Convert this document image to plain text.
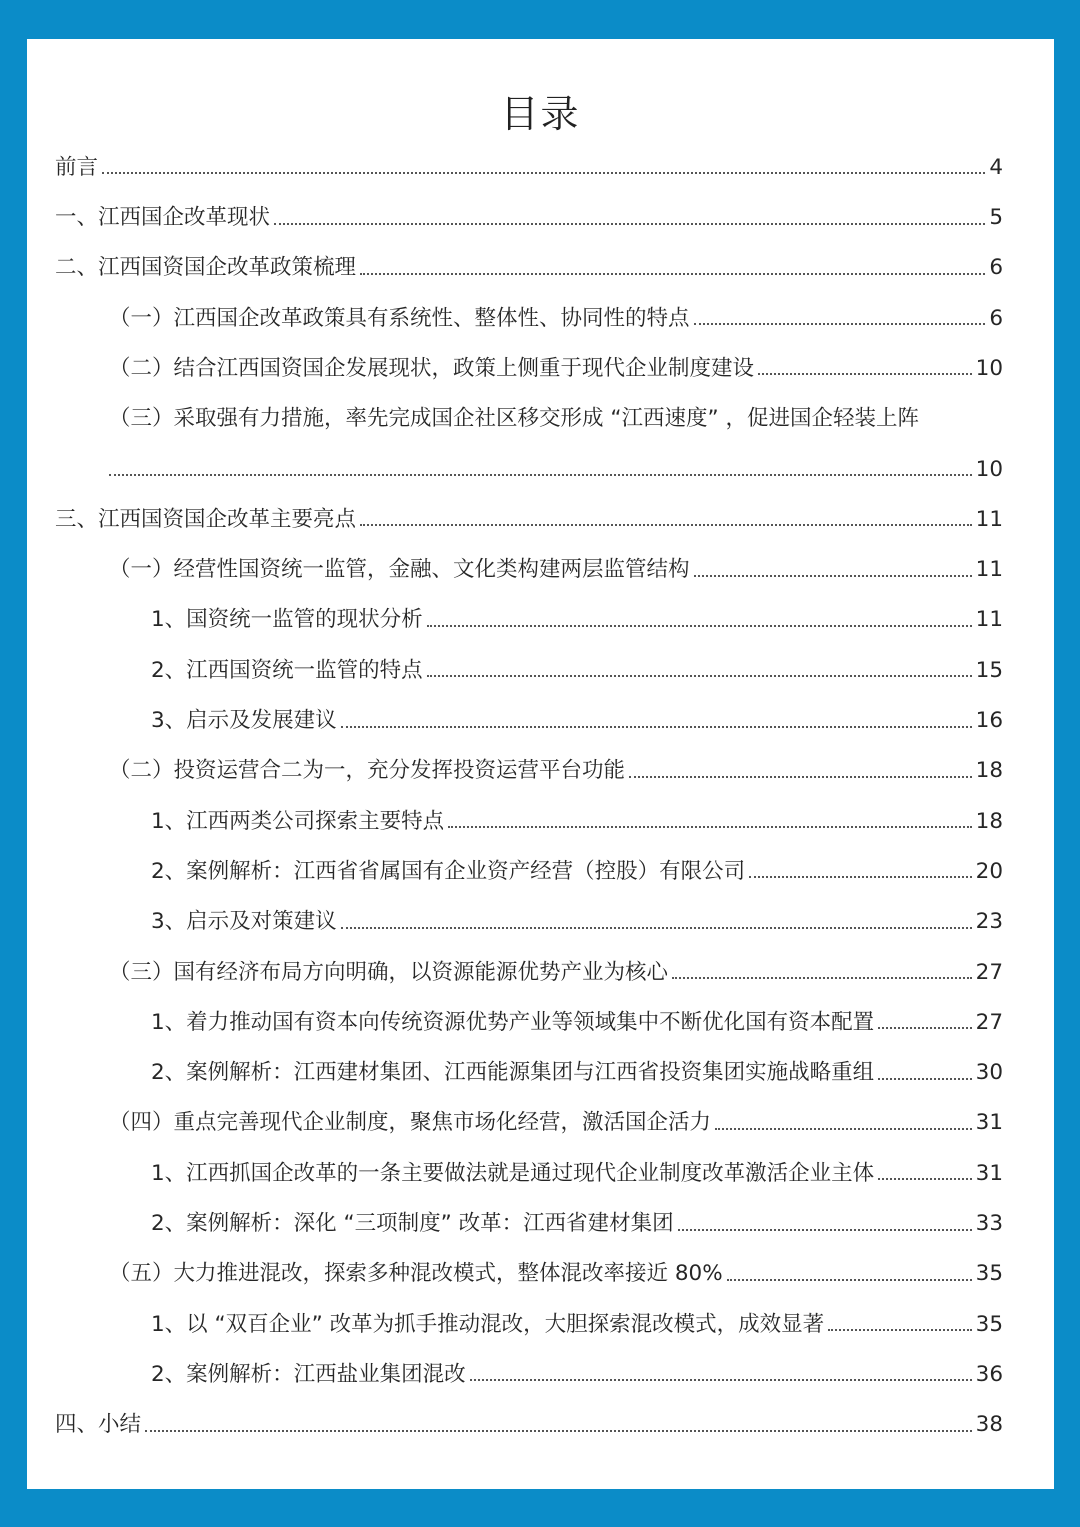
目录
前言	4
一、江西国企改革现状	5
二、江西国资国企改革政策梳理	6
（一）江西国企改革政策具有系统性、整体性、协同性的特点	6
（二）结合江西国资国企发展现状，政策上侧重于现代企业制度建设	10
（三）采取强有力措施，率先完成国企社区移交形成 “江西速度” ，促进国企轻装上阵
10
三、江西国资国企改革主要亮点	11
（一）经营性国资统一监管，金融、文化类构建两层监管结构	11
1、国资统一监管的现状分析	11
2、江西国资统一监管的特点	15
3、启示及发展建议	16
（二）投资运营合二为一，充分发挥投资运营平台功能	18
1、江西两类公司探索主要特点	18
2、案例解析：江西省省属国有企业资产经营（控股）有限公司	20
3、启示及对策建议	23
（三）国有经济布局方向明确，以资源能源优势产业为核心	27
1、着力推动国有资本向传统资源优势产业等领域集中不断优化国有资本配置	27
2、案例解析：江西建材集团、江西能源集团与江西省投资集团实施战略重组	30
（四）重点完善现代企业制度，聚焦市场化经营，激活国企活力	31
1、江西抓国企改革的一条主要做法就是通过现代企业制度改革激活企业主体	31
2、案例解析：深化 “三项制度” 改革：江西省建材集团	33
（五）大力推进混改，探索多种混改模式，整体混改率接近 80%	35
1、以 “双百企业” 改革为抓手推动混改，大胆探索混改模式，成效显著	35
2、案例解析：江西盐业集团混改	36
四、小结	38
